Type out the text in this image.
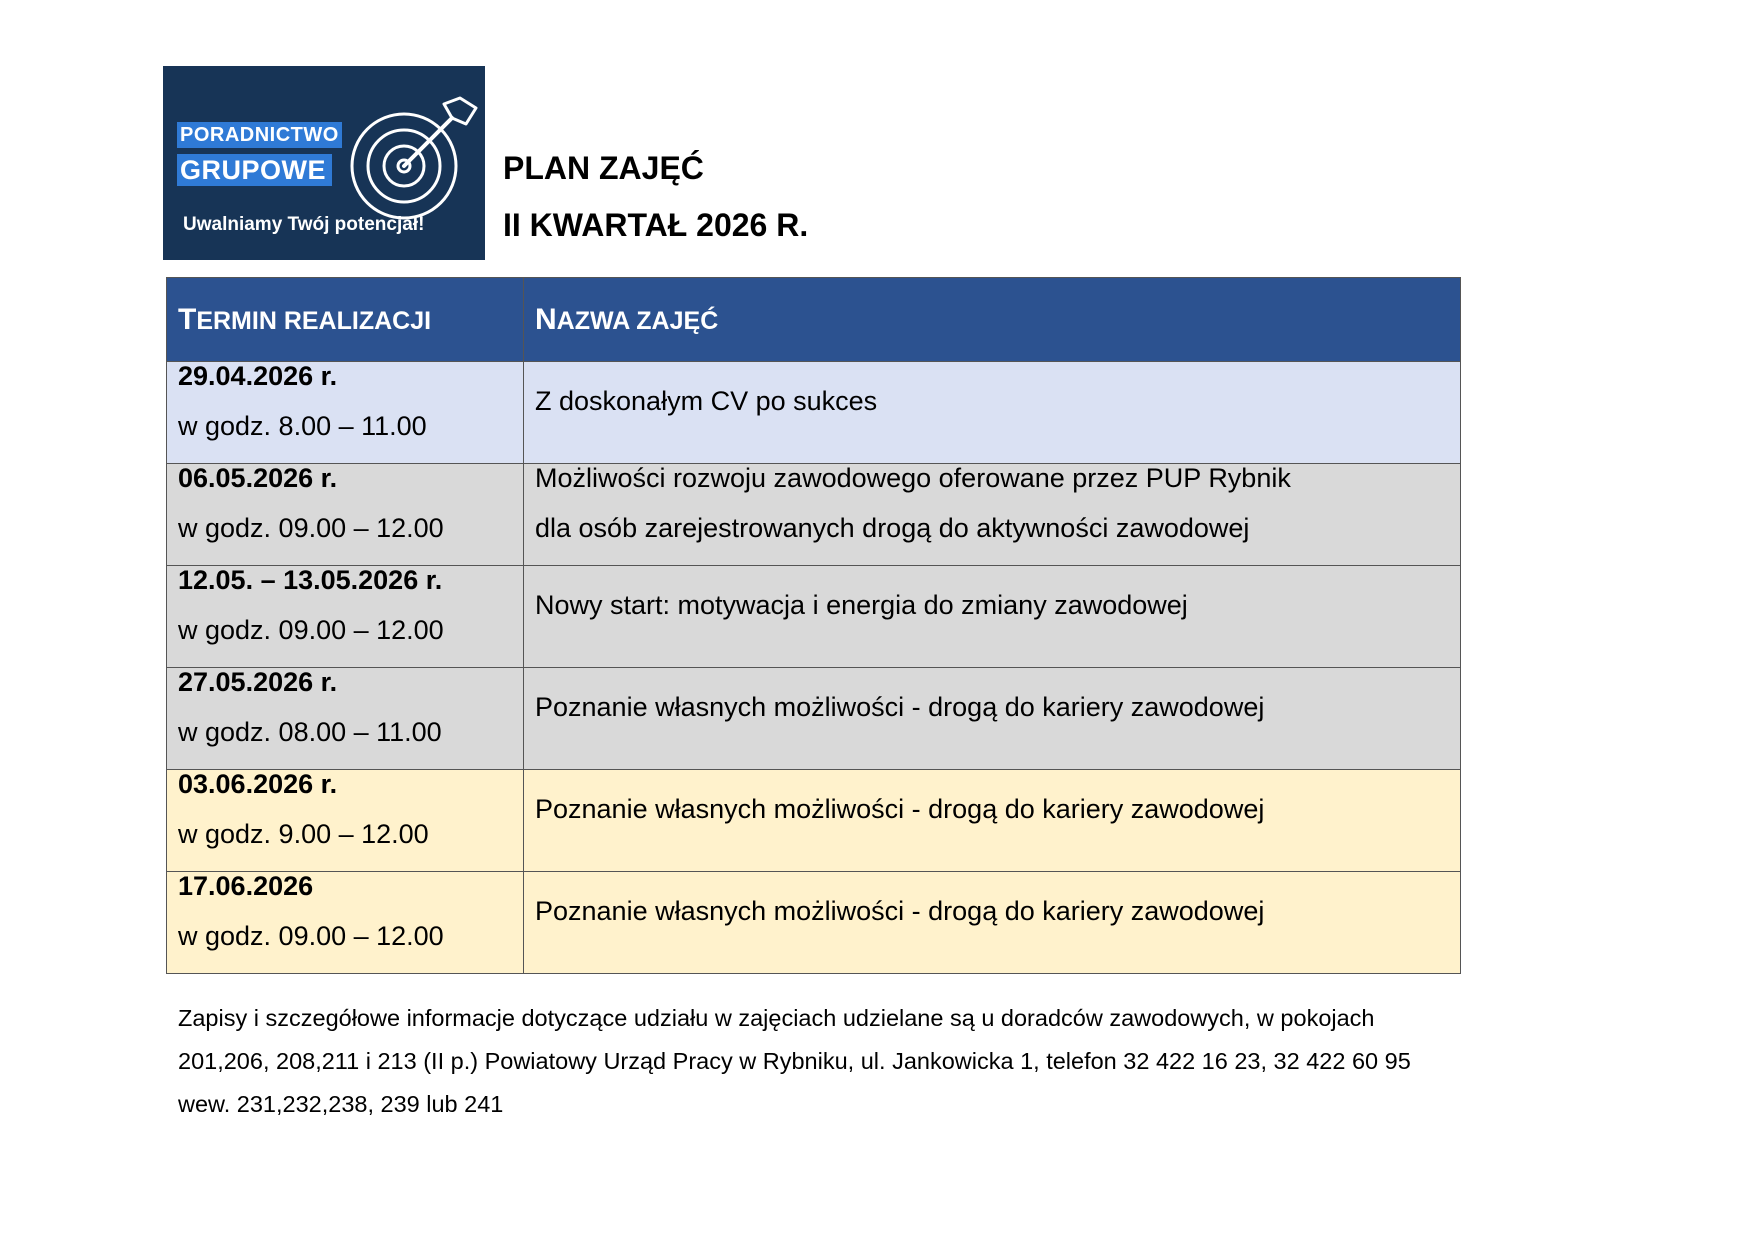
PORADNICTWO
GRUPOWE
Uwalniamy Twój potencjał!
PLAN ZAJĘĆ
II KWARTAŁ 2026 R.
TERMIN REALIZACJI	NAZWA ZAJĘĆ

29.04.2026 r.
w godz. 8.00 – 11.00	Z doskonałym CV po sukces

06.05.2026 r.
w godz. 09.00 – 12.00	Możliwości rozwoju zawodowego oferowane przez PUP Rybnik
dla osób zarejestrowanych drogą do aktywności zawodowej

12.05. – 13.05.2026 r.
w godz. 09.00 – 12.00	Nowy start: motywacja i energia do zmiany zawodowej

27.05.2026 r.
w godz. 08.00 – 11.00	Poznanie własnych możliwości - drogą do kariery zawodowej

03.06.2026 r.
w godz. 9.00 – 12.00	Poznanie własnych możliwości - drogą do kariery zawodowej

17.06.2026
w godz. 09.00 – 12.00	Poznanie własnych możliwości - drogą do kariery zawodowej
Zapisy i szczegółowe informacje dotyczące udziału w zajęciach udzielane są u doradców zawodowych, w pokojach
201,206, 208,211 i 213 (II p.) Powiatowy Urząd Pracy w Rybniku, ul. Jankowicka 1, telefon 32 422 16 23, 32 422 60 95
wew. 231,232,238, 239 lub 241
